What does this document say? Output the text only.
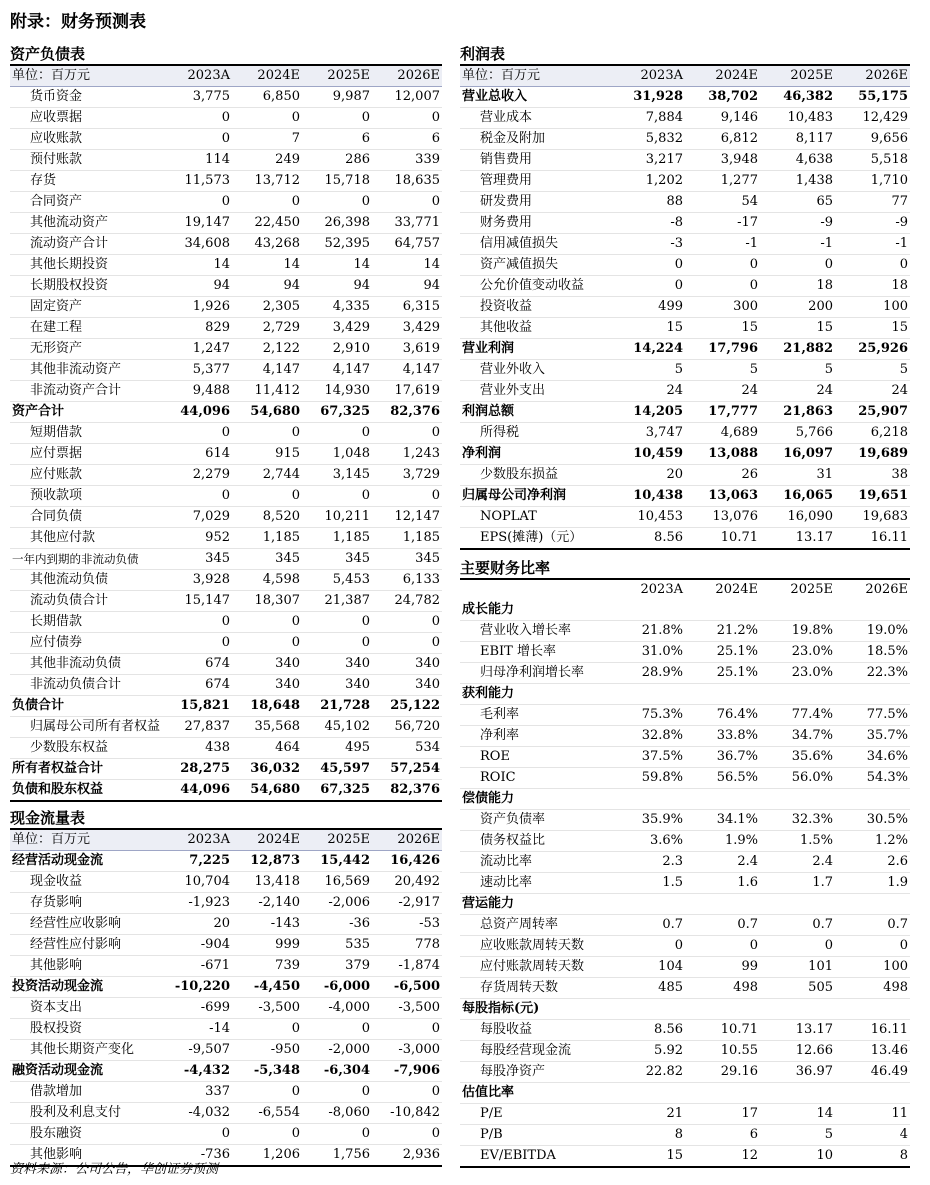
附录：财务预测表
资产负债表
单位：百万元	2023A	2024E	2025E	2026E
货币资金	3,775	6,850	9,987	12,007
应收票据	0	0	0	0
应收账款	0	7	6	6
预付账款	114	249	286	339
存货	11,573	13,712	15,718	18,635
合同资产	0	0	0	0
其他流动资产	19,147	22,450	26,398	33,771
流动资产合计	34,608	43,268	52,395	64,757
其他长期投资	14	14	14	14
长期股权投资	94	94	94	94
固定资产	1,926	2,305	4,335	6,315
在建工程	829	2,729	3,429	3,429
无形资产	1,247	2,122	2,910	3,619
其他非流动资产	5,377	4,147	4,147	4,147
非流动资产合计	9,488	11,412	14,930	17,619
资产合计	44,096	54,680	67,325	82,376
短期借款	0	0	0	0
应付票据	614	915	1,048	1,243
应付账款	2,279	2,744	3,145	3,729
预收款项	0	0	0	0
合同负债	7,029	8,520	10,211	12,147
其他应付款	952	1,185	1,185	1,185
一年内到期的非流动负债	345	345	345	345
其他流动负债	3,928	4,598	5,453	6,133
流动负债合计	15,147	18,307	21,387	24,782
长期借款	0	0	0	0
应付债券	0	0	0	0
其他非流动负债	674	340	340	340
非流动负债合计	674	340	340	340
负债合计	15,821	18,648	21,728	25,122
归属母公司所有者权益	27,837	35,568	45,102	56,720
少数股东权益	438	464	495	534
所有者权益合计	28,275	36,032	45,597	57,254
负债和股东权益	44,096	54,680	67,325	82,376
现金流量表
单位：百万元	2023A	2024E	2025E	2026E
经营活动现金流	7,225	12,873	15,442	16,426
现金收益	10,704	13,418	16,569	20,492
存货影响	-1,923	-2,140	-2,006	-2,917
经营性应收影响	20	-143	-36	-53
经营性应付影响	-904	999	535	778
其他影响	-671	739	379	-1,874
投资活动现金流	-10,220	-4,450	-6,000	-6,500
资本支出	-699	-3,500	-4,000	-3,500
股权投资	-14	0	0	0
其他长期资产变化	-9,507	-950	-2,000	-3,000
融资活动现金流	-4,432	-5,348	-6,304	-7,906
借款增加	337	0	0	0
股利及利息支付	-4,032	-6,554	-8,060	-10,842
股东融资	0	0	0	0
其他影响	-736	1,206	1,756	2,936
利润表
单位：百万元	2023A	2024E	2025E	2026E
营业总收入	31,928	38,702	46,382	55,175
营业成本	7,884	9,146	10,483	12,429
税金及附加	5,832	6,812	8,117	9,656
销售费用	3,217	3,948	4,638	5,518
管理费用	1,202	1,277	1,438	1,710
研发费用	88	54	65	77
财务费用	-8	-17	-9	-9
信用减值损失	-3	-1	-1	-1
资产减值损失	0	0	0	0
公允价值变动收益	0	0	18	18
投资收益	499	300	200	100
其他收益	15	15	15	15
营业利润	14,224	17,796	21,882	25,926
营业外收入	5	5	5	5
营业外支出	24	24	24	24
利润总额	14,205	17,777	21,863	25,907
所得税	3,747	4,689	5,766	6,218
净利润	10,459	13,088	16,097	19,689
少数股东损益	20	26	31	38
归属母公司净利润	10,438	13,063	16,065	19,651
NOPLAT	10,453	13,076	16,090	19,683
EPS(摊薄)（元）	8.56	10.71	13.17	16.11
主要财务比率
	2023A	2024E	2025E	2026E
成长能力				
营业收入增长率	21.8%	21.2%	19.8%	19.0%
EBIT 增长率	31.0%	25.1%	23.0%	18.5%
归母净利润增长率	28.9%	25.1%	23.0%	22.3%
获利能力				
毛利率	75.3%	76.4%	77.4%	77.5%
净利率	32.8%	33.8%	34.7%	35.7%
ROE	37.5%	36.7%	35.6%	34.6%
ROIC	59.8%	56.5%	56.0%	54.3%
偿债能力				
资产负债率	35.9%	34.1%	32.3%	30.5%
债务权益比	3.6%	1.9%	1.5%	1.2%
流动比率	2.3	2.4	2.4	2.6
速动比率	1.5	1.6	1.7	1.9
营运能力				
总资产周转率	0.7	0.7	0.7	0.7
应收账款周转天数	0	0	0	0
应付账款周转天数	104	99	101	100
存货周转天数	485	498	505	498
每股指标(元)				
每股收益	8.56	10.71	13.17	16.11
每股经营现金流	5.92	10.55	12.66	13.46
每股净资产	22.82	29.16	36.97	46.49
估值比率				
P/E	21	17	14	11
P/B	8	6	5	4
EV/EBITDA	15	12	10	8
资料来源：公司公告，华创证券预测
